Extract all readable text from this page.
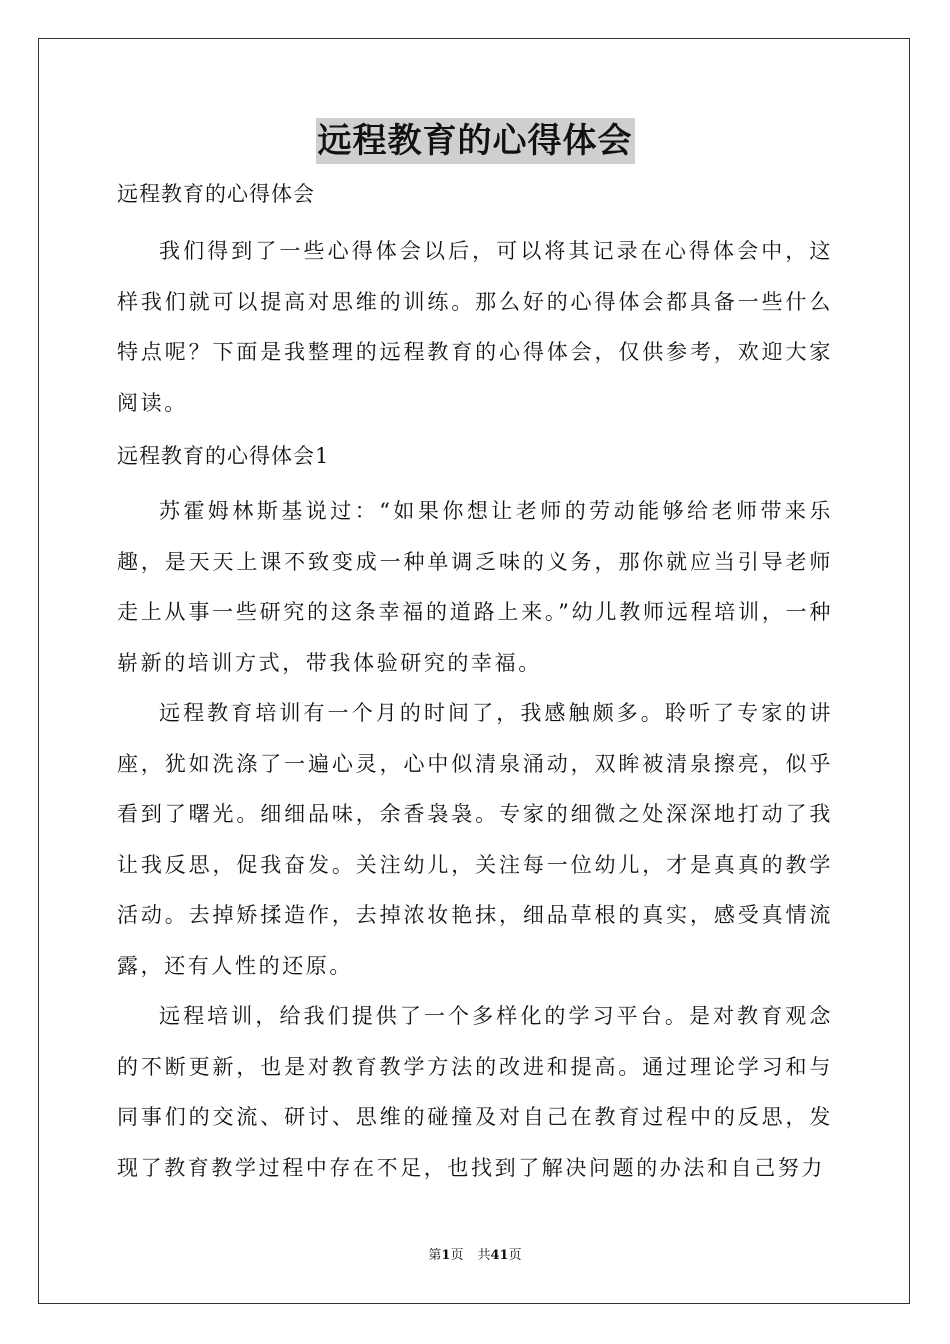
远程教育的心得体会

远程教育的心得体会

我们得到了一些心得体会以后，可以将其记录在心得体会中，这样我们就可以提高对思维的训练。那么好的心得体会都具备一些什么特点呢？下面是我整理的远程教育的心得体会，仅供参考，欢迎大家阅读。

远程教育的心得体会1

苏霍姆林斯基说过：“如果你想让老师的劳动能够给老师带来乐趣，是天天上课不致变成一种单调乏味的义务，那你就应当引导老师走上从事一些研究的这条幸福的道路上来。”幼儿教师远程培训，一种崭新的培训方式，带我体验研究的幸福。

远程教育培训有一个月的时间了，我感触颇多。聆听了专家的讲座，犹如洗涤了一遍心灵，心中似清泉涌动，双眸被清泉擦亮，似乎看到了曙光。细细品味，余香袅袅。专家的细微之处深深地打动了我让我反思，促我奋发。关注幼儿，关注每一位幼儿，才是真真的教学活动。去掉矫揉造作，去掉浓妆艳抹，细品草根的真实，感受真情流露，还有人性的还原。

远程培训，给我们提供了一个多样化的学习平台。是对教育观念的不断更新，也是对教育教学方法的改进和提高。通过理论学习和与同事们的交流、研讨、思维的碰撞及对自己在教育过程中的反思，发现了教育教学过程中存在不足，也找到了解决问题的办法和自己努力

第1页 共41页
